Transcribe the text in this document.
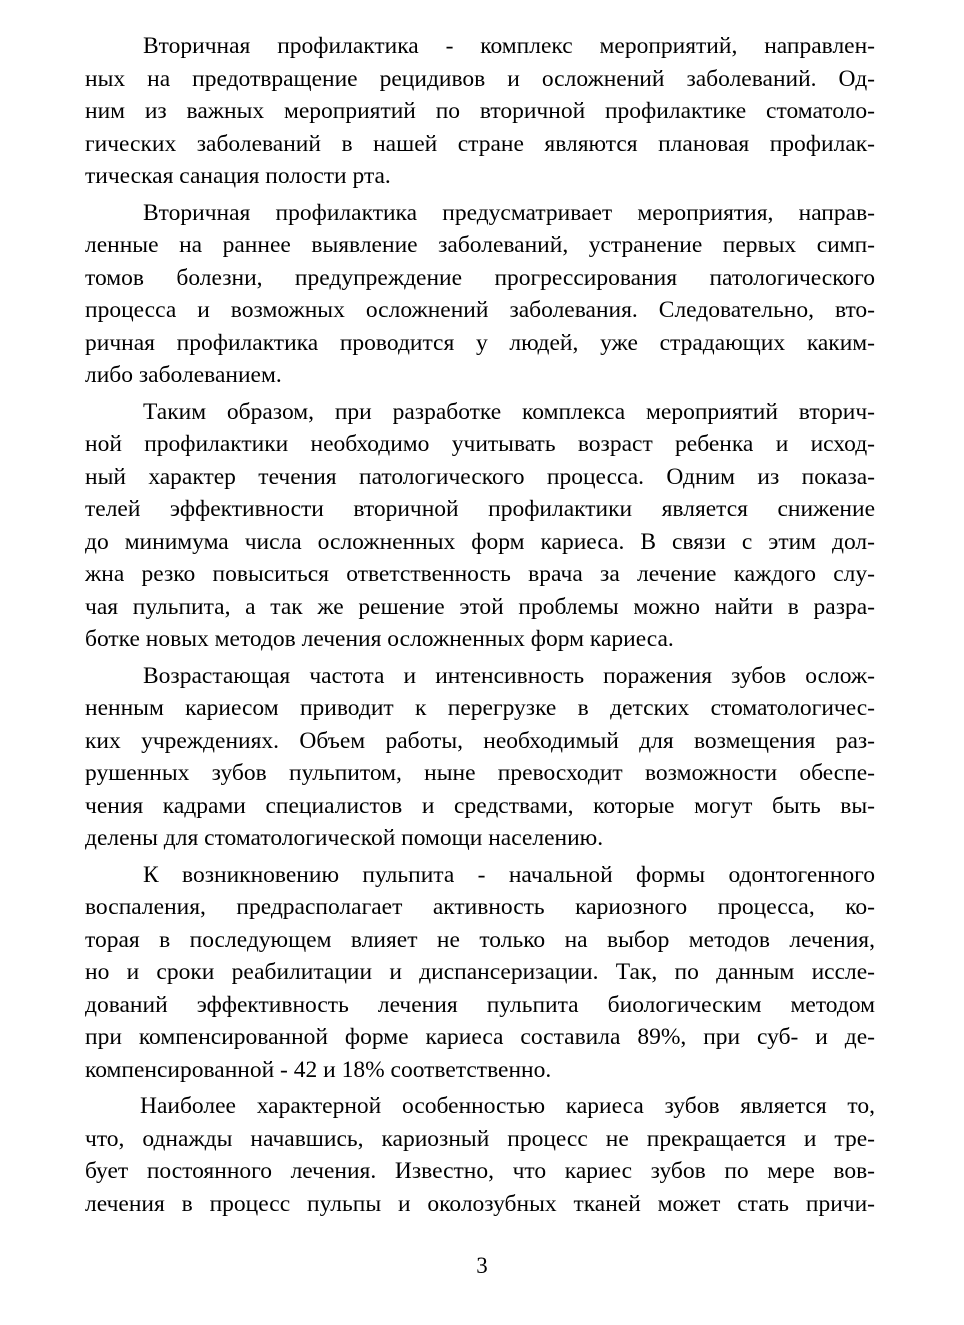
Вторичная профилактика - комплекс мероприятий, направлен-
ных на предотвращение рецидивов и осложнений заболеваний. Од-
ним из важных мероприятий по вторичной профилактике стоматоло-
гических заболеваний в нашей стране являются плановая профилак-
тическая санация полости рта.

Вторичная профилактика предусматривает мероприятия, направ-
ленные на раннее выявление заболеваний, устранение первых симп-
томов болезни, предупреждение прогрессирования патологического
процесса и возможных осложнений заболевания. Следовательно, вто-
ричная профилактика проводится у людей, уже страдающих каким-
либо заболеванием.

Таким образом, при разработке комплекса мероприятий вторич-
ной профилактики необходимо учитывать возраст ребенка и исход-
ный характер течения патологического процесса. Одним из показа-
телей эффективности вторичной профилактики является снижение
до минимума числа осложненных форм кариеса. В связи с этим дол-
жна резко повыситься ответственность врача за лечение каждого слу-
чая пульпита, а так же решение этой проблемы можно найти в разра-
ботке новых методов лечения осложненных форм кариеса.

Возрастающая частота и интенсивность поражения зубов ослож-
ненным кариесом приводит к перегрузке в детских стоматологичес-
ких учреждениях. Объем работы, необходимый для возмещения раз-
рушенных зубов пульпитом, ныне превосходит возможности обеспе-
чения кадрами специалистов и средствами, которые могут быть вы-
делены для стоматологической помощи населению.

К возникновению пульпита - начальной формы одонтогенного
воспаления, предрасполагает активность кариозного процесса, ко-
торая в последующем влияет не только на выбор методов лечения,
но и сроки реабилитации и диспансеризации. Так, по данным иссле-
дований эффективность лечения пульпита биологическим методом
при компенсированной форме кариеса составила 89%, при суб- и де-
компенсированной - 42 и 18% соответственно.

Наиболее характерной особенностью кариеса зубов является то,
что, однажды начавшись, кариозный процесс не прекращается и тре-
бует постоянного лечения. Известно, что кариес зубов по мере вов-
лечения в процесс пульпы и околозубных тканей может стать причи-

3
